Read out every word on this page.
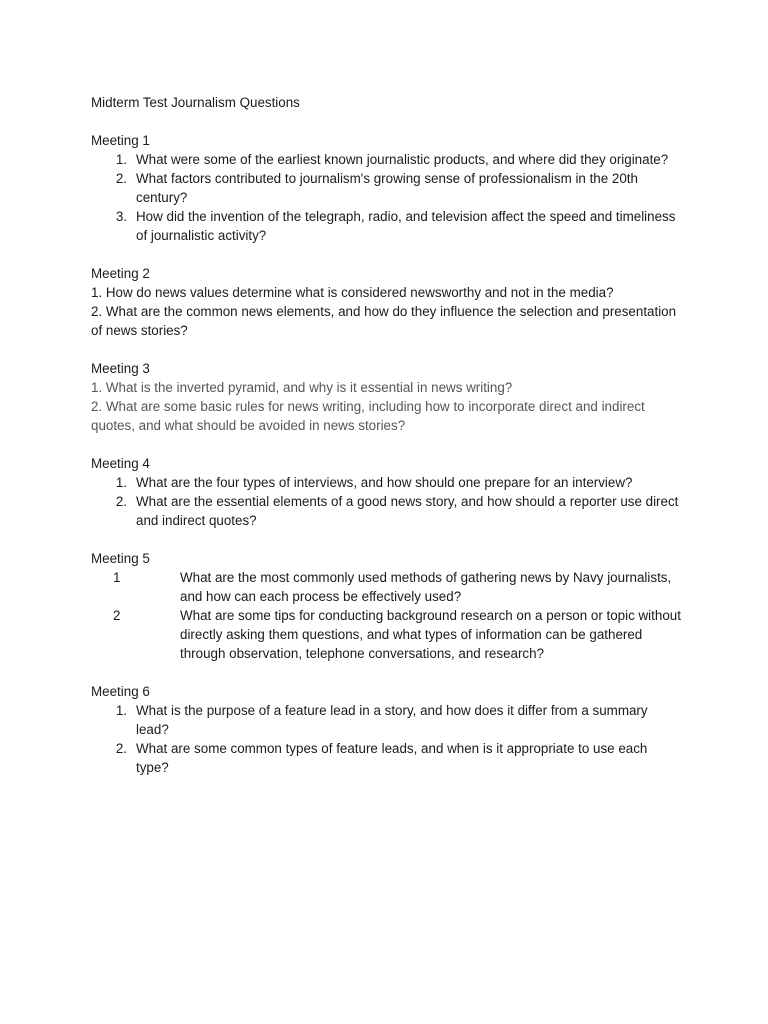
Midterm Test Journalism Questions
Meeting 1
1. What were some of the earliest known journalistic products, and where did they originate?
2. What factors contributed to journalism's growing sense of professionalism in the 20th century?
3. How did the invention of the telegraph, radio, and television affect the speed and timeliness of journalistic activity?
Meeting 2
1. How do news values determine what is considered newsworthy and not in the media?
2. What are the common news elements, and how do they influence the selection and presentation of news stories?
Meeting 3
1. What is the inverted pyramid, and why is it essential in news writing?
2. What are some basic rules for news writing, including how to incorporate direct and indirect quotes, and what should be avoided in news stories?
Meeting 4
1. What are the four types of interviews, and how should one prepare for an interview?
2. What are the essential elements of a good news story, and how should a reporter use direct and indirect quotes?
Meeting 5
1	What are the most commonly used methods of gathering news by Navy journalists, and how can each process be effectively used?
2	What are some tips for conducting background research on a person or topic without directly asking them questions, and what types of information can be gathered through observation, telephone conversations, and research?
Meeting 6
1. What is the purpose of a feature lead in a story, and how does it differ from a summary lead?
2. What are some common types of feature leads, and when is it appropriate to use each type?
